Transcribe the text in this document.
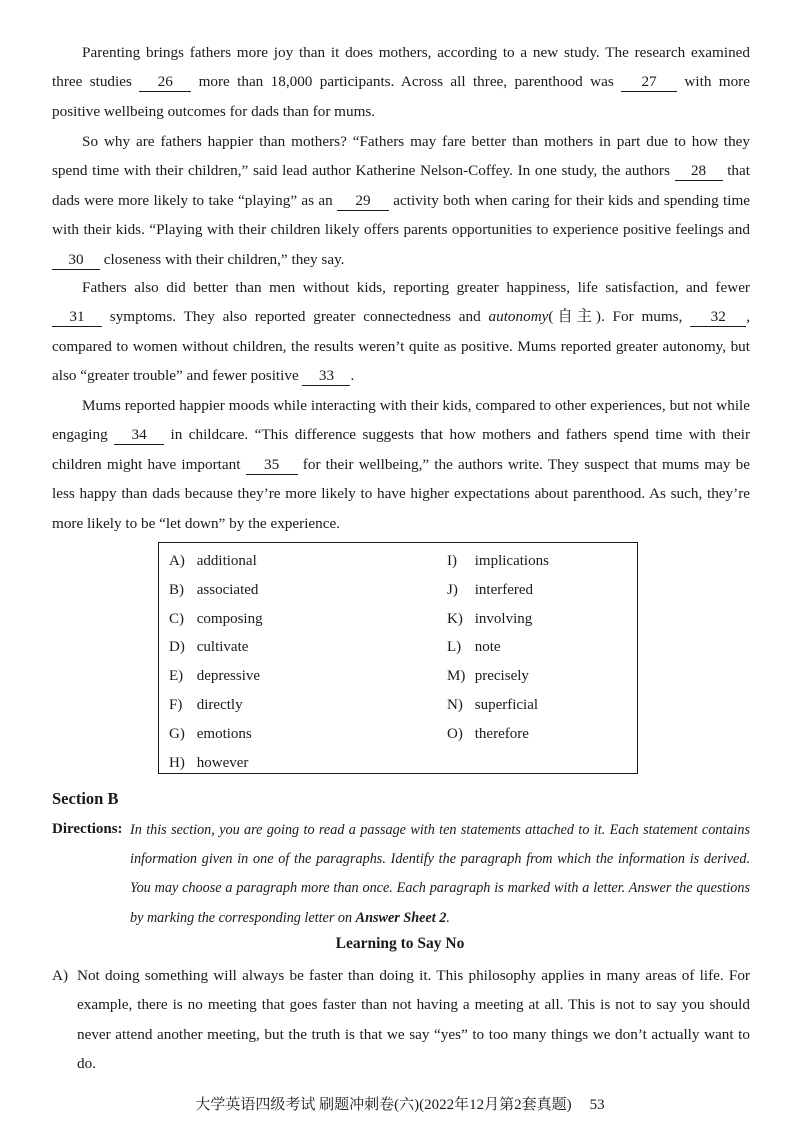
Parenting brings fathers more joy than it does mothers, according to a new study. The research examined three studies 26 more than 18,000 participants. Across all three, parenthood was 27 with more positive wellbeing outcomes for dads than for mums.

So why are fathers happier than mothers? “Fathers may fare better than mothers in part due to how they spend time with their children,” said lead author Katherine Nelson-Coffey. In one study, the authors 28 that dads were more likely to take “playing” as an 29 activity both when caring for their kids and spending time with their kids. “Playing with their children likely offers parents opportunities to experience positive feelings and 30 closeness with their children,” they say.

Fathers also did better than men without kids, reporting greater happiness, life satisfaction, and fewer 31 symptoms. They also reported greater connectedness and autonomy(自主). For mums, 32 , compared to women without children, the results weren’t quite as positive. Mums reported greater autonomy, but also “greater trouble” and fewer positive 33 .

Mums reported happier moods while interacting with their kids, compared to other experiences, but not while engaging 34 in childcare. “This difference suggests that how mothers and fathers spend time with their children might have important 35 for their wellbeing,” the authors write. They suspect that mums may be less happy than dads because they’re more likely to have higher expectations about parenthood. As such, they’re more likely to be “let down” by the experience.

A) additional
B) associated
C) composing
D) cultivate
E) depressive
F) directly
G) emotions
H) however
I) implications
J) interfered
K) involving
L) note
M) precisely
N) superficial
O) therefore
Section B
Directions: In this section, you are going to read a passage with ten statements attached to it. Each statement contains information given in one of the paragraphs. Identify the paragraph from which the information is derived. You may choose a paragraph more than once. Each paragraph is marked with a letter. Answer the questions by marking the corresponding letter on Answer Sheet 2.

Learning to Say No
A) Not doing something will always be faster than doing it. This philosophy applies in many areas of life. For example, there is no meeting that goes faster than not having a meeting at all. This is not to say you should never attend another meeting, but the truth is that we say “yes” to too many things we don’t actually want to do.

大学英语四级考试 刷题冲刺卷(六)(2022年12月第2套真题) 53
